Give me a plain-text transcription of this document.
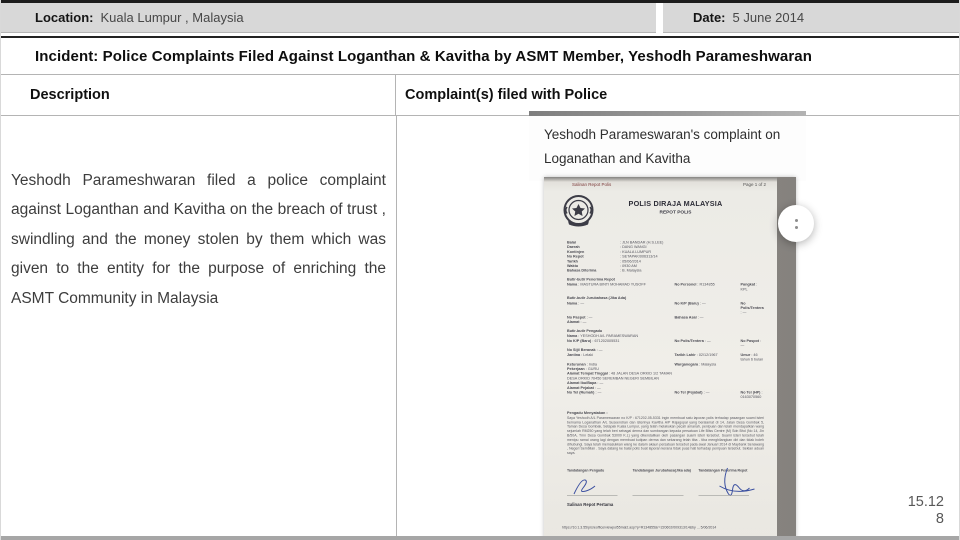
Location: Kuala Lumpur , Malaysia	Date: 5 June 2014
Incident: Police Complaints Filed Against Loganthan & Kavitha by ASMT Member, Yeshodh Parameshwaran
Description	Complaint(s) filed with Police

Yeshodh Parameshwaran filed a police complaint against Loganthan and Kavitha on the breach of trust , swindling and the money stolen by them which was given to the entity for the purpose of enriching the ASMT Community in Malaysia

Yeshodh Parameswaran's complaint on Loganathan and Kavitha
Salinan Repot Polis	Page 1 of 2
POLIS DIRAJA MALAYSIA
REPOT POLIS
Balai	: JLN BANDAR (H.S.LEE)
Daerah	: DANG WANGI
Kontinjen	: KUALA LUMPUR
No Repot	: SETAPAK/006313/14
Tarikh	: 05/06/2014
Waktu	: 0930 AM
Bahasa Diterima	: B. Malaysia
Butir-butir Penerima Repot
Nama : MASTURA BINTI MOHAMAD YUSOFF	No Personel : R134855	Pangkat: KPL
Butir-butir Jurubahasa (Jika Ada)
Nama : —	No K/P (Baru) : —	No Polis/Tentera: —
No Paspot : —	Bahasa Asal : —
Alamat : —
Butir-butir Pengadu
Nama : YESHODH A/L PARAMESWARAN
No K/P (Baru) : 671202005531	No Polis/Tentera : —	No Paspot: —
No Sijil Beranak : —
Jantina : Lelaki	Tarikh Lahir : 02/12/1967	Umur : 46 tahun 6 bulan
Keturunan : India	Warganegara : Malaysia
Pekerjaan : GURU
Alamat Tempat Tinggal : 48 JALAN DESA ORKID 1/2 TAMAN DESA ORKID 70450 SEREMBAN NEGERI SEMBILAN
Alamat Ibu/Bapa : —
Alamat Pejabat : —
No Tel (Rumah) : —	No Tel (Pejabat) : —	No Tel (HP): 0163070560
Pengadu Menyatakan :
Saya Yeshodh A/L Parameswaran no K/P : 671202-05-5331 ingin membuat satu laporan polis terhadap pasangan suami isteri bernama Loganathan A/L Suseendran dan isterinya Kavitha A/P Rajagopal yang beralamat di 14, Jalan Desa Gombak 5, Taman Desa Gombak, Setapak Kuala Lumpur, yang telah melakukan pecah amanah, penipuan dan telah mendapatkan wang sejumlah RM250 yang telah beri sebagai derma dan sumbangan kepada persatuan Life Bliss Centre (M) Sdn Bhd (No 14, Jln B/50A, Tmn Desa Gombak 53000 K.L) yang dikendalikan oleh pasangan suami isteri tersebut. Suami isteri tersebut telah menipu ramai orang lagi dengan membuat kutipan derma dan sekarang telah tiba - tiba menghilangkan diri dan tidak boleh dihubungi. Saya telah memasukkan wang ke dalam akaun persatuan tersebut pada awal Januari 2014 di Maybank Senawang , Negeri Sembilan . Saya datang ke balai polis buat laporan kerana tidak puas hati terhadap penipuan tersebut. Sekian aduan saya.
Tandatangan Pengadu	Tandatangan Jurubahasa(Jika ada)	Tandatangan Penerima Repot
Salinan Repot Pertama
https://10.1.3.55/prs/eoffice/viewpol55mal2.asp?p=R134855&r=220602/009313/14&by ... 5/06/2014
15.12
8
